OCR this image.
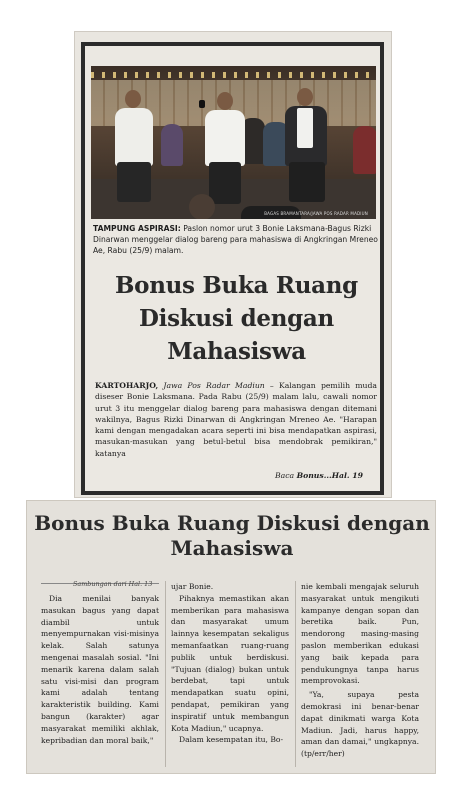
BAGAS BRAMANTARA/JAWA POS RADAR MADIUN
TAMPUNG ASPIRASI: Paslon nomor urut 3 Bonie Laksmana-Bagus Rizki Dinarwan menggelar dialog bareng para mahasiswa di Angkringan Mreneo Ae, Rabu (25/9) malam.
Bonus Buka Ruang Diskusi dengan Mahasiswa
KARTOHARJO, Jawa Pos Radar Madiun – Kalangan pemilih muda diseser Bonie Laksmana. Pada Rabu (25/9) malam lalu, cawali nomor urut 3 itu menggelar dialog bareng para mahasiswa dengan ditemani wakilnya, Bagus Rizki Dinarwan di Angkringan Mreneo Ae. "Harapan kami dengan mengadakan acara seperti ini bisa mendapatkan aspirasi, masukan-masukan yang betul-betul bisa mendobrak pemikiran," katanya
Baca Bonus...Hal. 19
Bonus Buka Ruang Diskusi dengan Mahasiswa
Sambungan dari Hal. 13

Dia menilai banyak masukan bagus yang dapat diambil untuk menyempurnakan visi-misinya kelak. Salah satunya mengenai masalah sosial. "Ini menarik karena dalam salah satu visi-misi dan program kami adalah tentang karakteristik building. Kami bangun (karakter) agar masyarakat memiliki akhlak, kepribadian dan moral baik,"

ujar Bonie.

Pihaknya memastikan akan memberikan para mahasiswa dan masyarakat umum lainnya kesempatan sekaligus memanfaatkan ruang-ruang publik untuk berdiskusi. "Tujuan (dialog) bukan untuk berdebat, tapi untuk mendapatkan suatu opini, pendapat, pemikiran yang inspiratif untuk membangun Kota Madiun," ucapnya.

Dalam kesempatan itu, Bo-

nie kembali mengajak seluruh masyarakat untuk mengikuti kampanye dengan sopan dan beretika baik. Pun, mendorong masing-masing paslon memberikan edukasi yang baik kepada para pendukungnya tanpa harus memprovokasi.

"Ya, supaya pesta demokrasi ini benar-benar dapat dinikmati warga Kota Madiun. Jadi, harus happy, aman dan damai," ungkapnya. (tp/err/her)
